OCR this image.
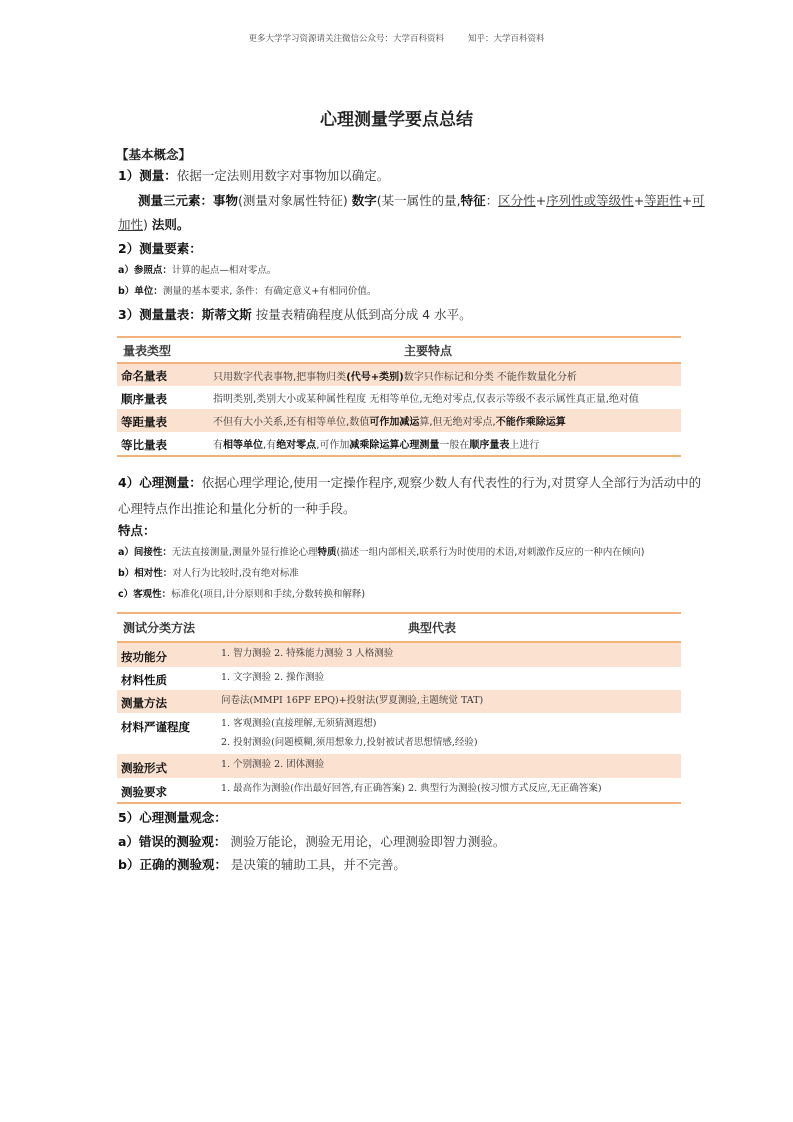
更多大学学习资源请关注微信公众号：大学百科资料	知乎：大学百科资料
心理测量学要点总结
【基本概念】
1）测量：依据一定法则用数字对事物加以确定。
测量三元素：事物(测量对象属性特征) 数字(某一属性的量,特征：区分性+序列性或等级性+等距性+可
加性) 法则。
2）测量要素：
a）参照点：计算的起点—相对零点。
b）单位：测量的基本要求, 条件：有确定意义+有相同价值。
3）测量量表：斯蒂文斯 按量表精确程度从低到高分成 4 水平。
量表类型	主要特点
命名量表	只用数字代表事物,把事物归类 (代号+类别) 数字只作标记和分类 不能作数量化分析
顺序量表	指明类别,类别大小或某种属性程度 无相等单位,无绝对零点,仅表示等级不表示属性真正量,绝对值
等距量表	不但有大小关系,还有相等单位,数值 可作加减运 算,但无绝对零点, 不能作乘除运算
等比量表	有 相等单位 ,有 绝对零点 ,可作加 减乘除运算 心理测量 一般在 顺序量表 上进行
4）心理测量：依据心理学理论,使用一定操作程序,观察少数人有代表性的行为,对贯穿人全部行为活动中的
心理特点作出推论和量化分析的一种手段。
特点：
a）间接性：无法直接测量,测量外显行推论心理特质(描述一组内部相关,联系行为时使用的术语,对刺激作反应的一种内在倾向)
b）相对性：对人行为比较时,没有绝对标准
c）客观性：标准化(项目,计分原则和手续,分数转换和解释)
测试分类方法	典型代表
按功能分	1. 智力测验 2. 特殊能力测验 3 人格测验
材料性质	1. 文字测验 2. 操作测验
测量方法	问卷法(MMPI 16PF EPQ)+投射法(罗夏测验,主题统觉 TAT)
材料严谨程度	1. 客观测验(直接理解,无须猜测遐想)
2. 投射测验(问题模糊,须用想象力,投射被试者思想情感,经验)
测验形式	1. 个别测验 2. 团体测验
测验要求	1. 最高作为测验(作出最好回答,有正确答案) 2. 典型行为测验(按习惯方式反应,无正确答案)
5）心理测量观念：
a）错误的测验观： 测验万能论，测验无用论，心理测验即智力测验。
b）正确的测验观： 是决策的辅助工具，并不完善。
